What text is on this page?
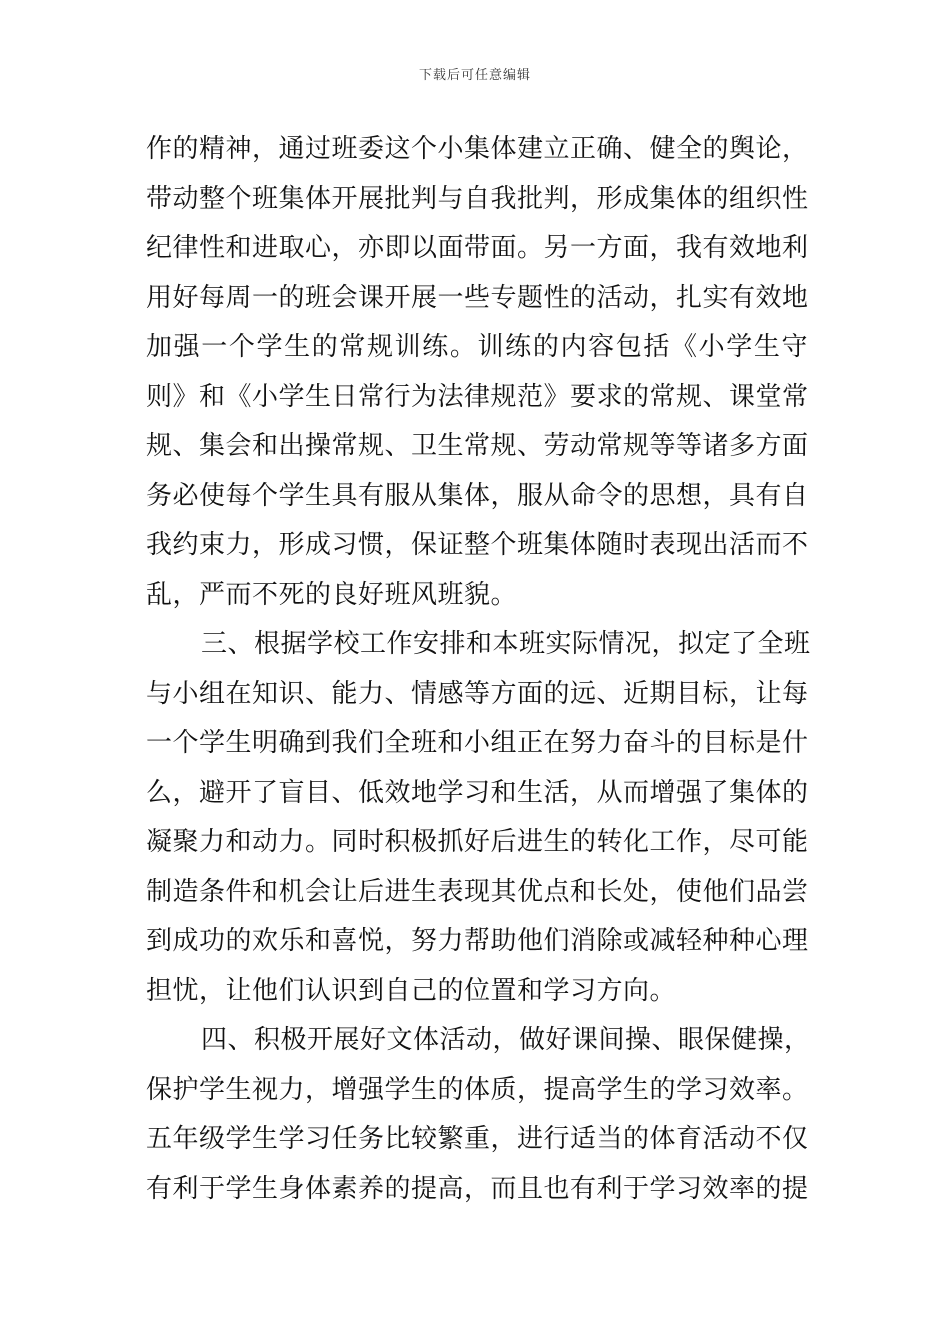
下载后可任意编辑
作的精神，通过班委这个小集体建立正确、健全的舆论，
带动整个班集体开展批判与自我批判，形成集体的组织性
纪律性和进取心，亦即以面带面。另一方面，我有效地利
用好每周一的班会课开展一些专题性的活动，扎实有效地
加强一个学生的常规训练。训练的内容包括《小学生守
则》和《小学生日常行为法律规范》要求的常规、课堂常
规、集会和出操常规、卫生常规、劳动常规等等诸多方面
务必使每个学生具有服从集体，服从命令的思想，具有自
我约束力，形成习惯，保证整个班集体随时表现出活而不
乱，严而不死的良好班风班貌。
三、根据学校工作安排和本班实际情况，拟定了全班
与小组在知识、能力、情感等方面的远、近期目标，让每
一个学生明确到我们全班和小组正在努力奋斗的目标是什
么，避开了盲目、低效地学习和生活，从而增强了集体的
凝聚力和动力。同时积极抓好后进生的转化工作，尽可能
制造条件和机会让后进生表现其优点和长处，使他们品尝
到成功的欢乐和喜悦，努力帮助他们消除或减轻种种心理
担忧，让他们认识到自己的位置和学习方向。
四、积极开展好文体活动，做好课间操、眼保健操，
保护学生视力，增强学生的体质，提高学生的学习效率。
五年级学生学习任务比较繁重，进行适当的体育活动不仅
有利于学生身体素养的提高，而且也有利于学习效率的提
